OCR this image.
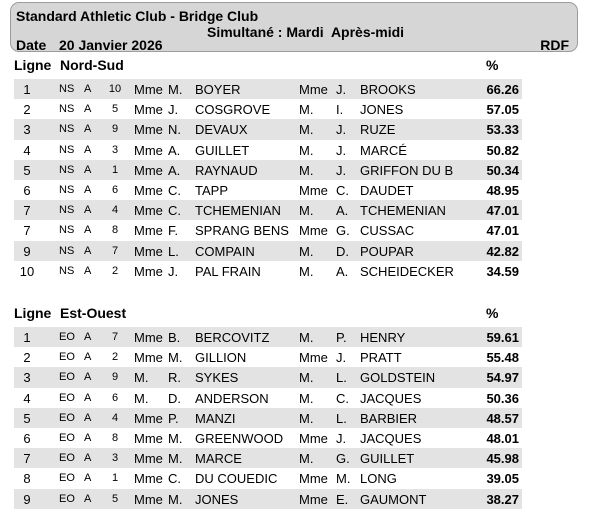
Standard Athletic Club - Bridge Club
Simultané : Mardi  Après-midi
Date 20 Janvier 2026	RDF
Ligne Nord-Sud	%
1	NS A	10 Mme M. BOYER	Mme J. BROOKS	66.26
2	NS A	5	Mme J. COSGROVE M. I. JONES	57.05
3	NS A	9	Mme N. DEVAUX	M. J. RUZE	53.33
4	NS A	3	Mme A. GUILLET	M. J. MARCÉ	50.82
5	NS A	1	Mme A. RAYNAUD	M. J. GRIFFON DU B	50.34
6	NS A	6	Mme C. TAPP	Mme C. DAUDET	48.95
7	NS A	4	Mme C. TCHEMENIAN M. A. TCHEMENIAN	47.01
7	NS A	8	Mme F. SPRANG BENS Mme G. CUSSAC	47.01
9	NS A	7	Mme L. COMPAIN	M. D. POUPAR	42.82
10	NS A	2	Mme J. PAL FRAIN	M. A. SCHEIDECKER	34.59
Ligne Est-Ouest	%
1	EO A	7	Mme B. BERCOVITZ M. P. HENRY	59.61
2	EO A	2	Mme M. GILLION	Mme J. PRATT	55.48
3	EO A	9	M. R. SYKES	M. L. GOLDSTEIN	54.97
4	EO A	6	M. D. ANDERSON M. C. JACQUES	50.36
5	EO A	4	Mme P. MANZI	M. L. BARBIER	48.57
6	EO A	8	Mme M. GREENWOOD Mme J. JACQUES	48.01
7	EO A	3	Mme M. MARCE	M. G. GUILLET	45.98
8	EO A	1	Mme C. DU COUEDIC Mme M. LONG	39.05
9	EO A	5	Mme M. JONES	Mme E. GAUMONT	38.27
